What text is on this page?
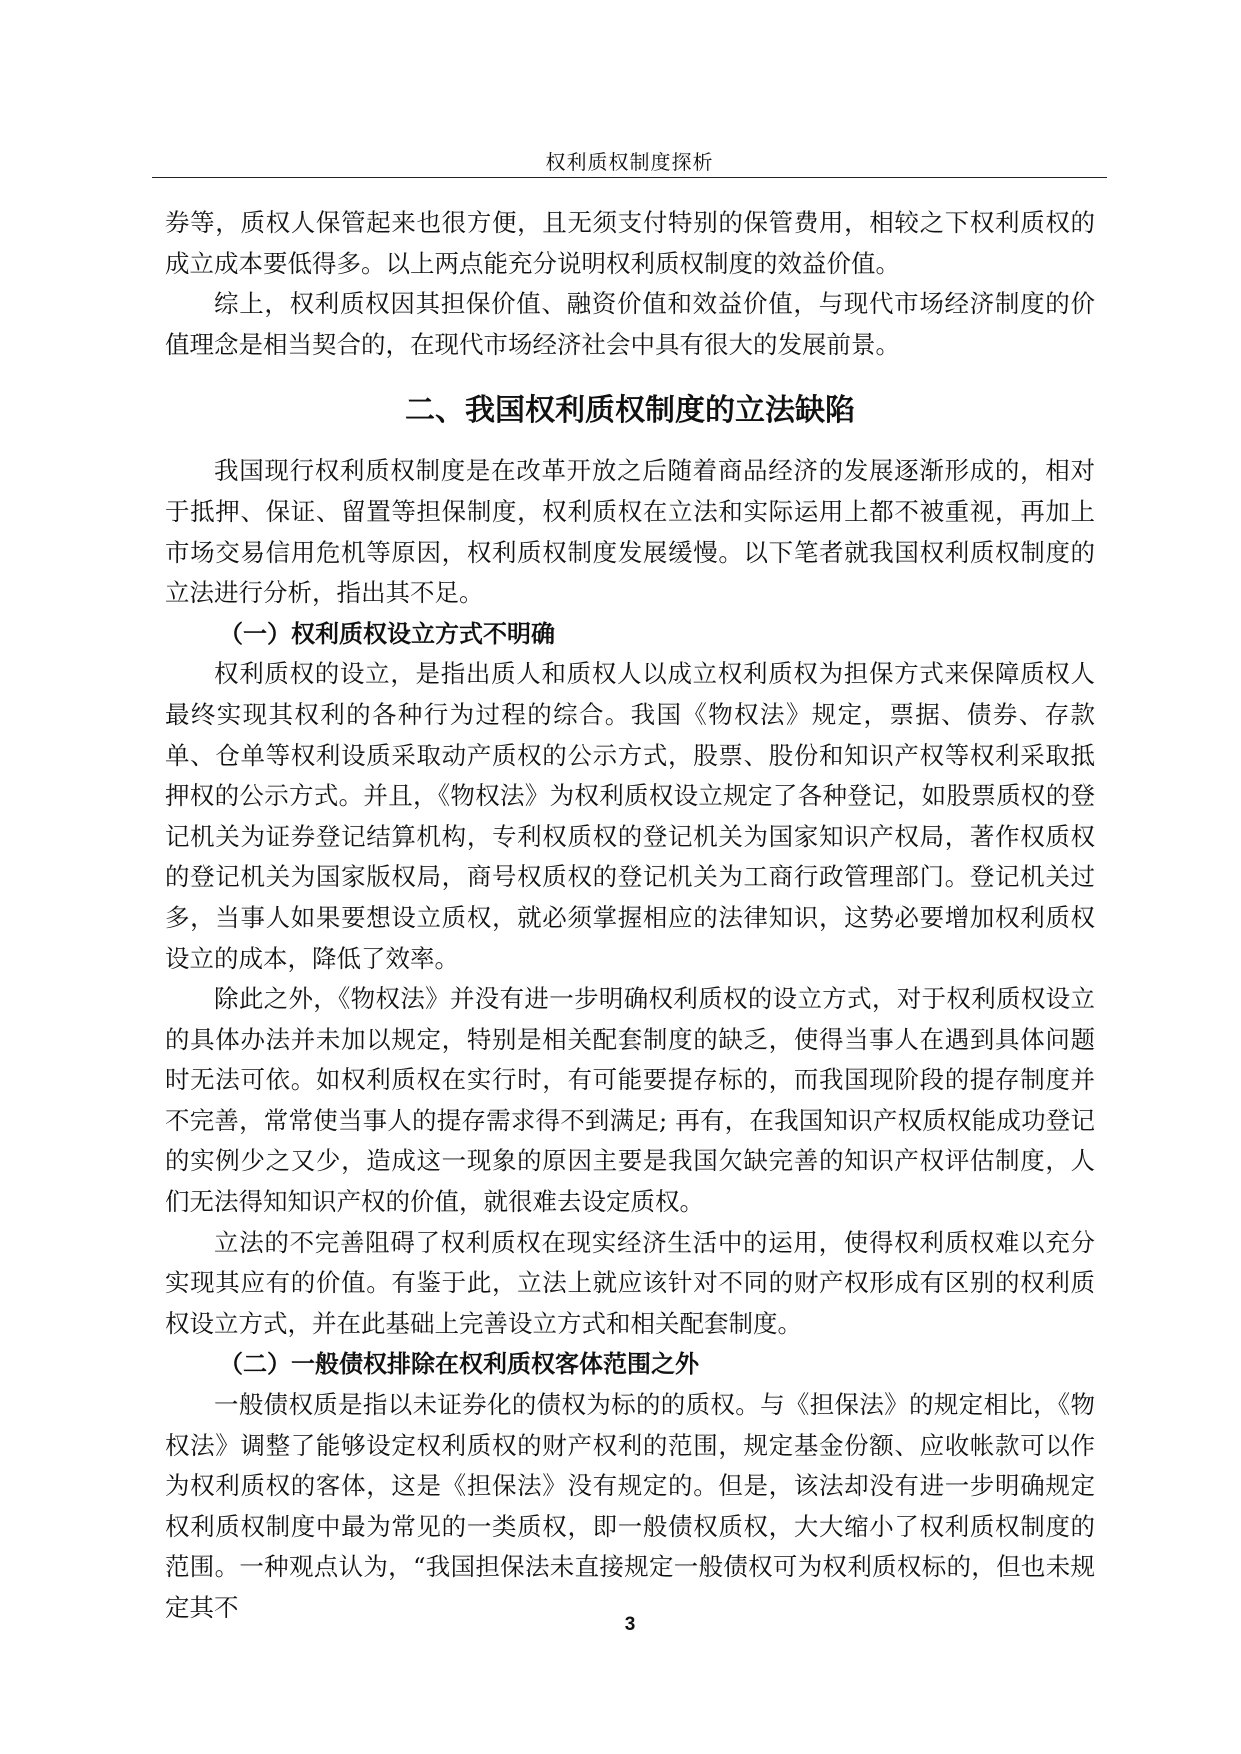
权利质权制度探析

券等，质权人保管起来也很方便，且无须支付特别的保管费用，相较之下权利质权的成立成本要低得多。以上两点能充分说明权利质权制度的效益价值。

综上，权利质权因其担保价值、融资价值和效益价值，与现代市场经济制度的价值理念是相当契合的，在现代市场经济社会中具有很大的发展前景。

二、我国权利质权制度的立法缺陷

我国现行权利质权制度是在改革开放之后随着商品经济的发展逐渐形成的，相对于抵押、保证、留置等担保制度，权利质权在立法和实际运用上都不被重视，再加上市场交易信用危机等原因，权利质权制度发展缓慢。以下笔者就我国权利质权制度的立法进行分析，指出其不足。

（一）权利质权设立方式不明确

权利质权的设立，是指出质人和质权人以成立权利质权为担保方式来保障质权人最终实现其权利的各种行为过程的综合。我国《物权法》规定，票据、债券、存款单、仓单等权利设质采取动产质权的公示方式，股票、股份和知识产权等权利采取抵押权的公示方式。并且，《物权法》为权利质权设立规定了各种登记，如股票质权的登记机关为证券登记结算机构，专利权质权的登记机关为国家知识产权局，著作权质权的登记机关为国家版权局，商号权质权的登记机关为工商行政管理部门。登记机关过多，当事人如果要想设立质权，就必须掌握相应的法律知识，这势必要增加权利质权设立的成本，降低了效率。

除此之外，《物权法》并没有进一步明确权利质权的设立方式，对于权利质权设立的具体办法并未加以规定，特别是相关配套制度的缺乏，使得当事人在遇到具体问题时无法可依。如权利质权在实行时，有可能要提存标的，而我国现阶段的提存制度并不完善，常常使当事人的提存需求得不到满足; 再有，在我国知识产权质权能成功登记的实例少之又少，造成这一现象的原因主要是我国欠缺完善的知识产权评估制度，人们无法得知知识产权的价值，就很难去设定质权。

立法的不完善阻碍了权利质权在现实经济生活中的运用，使得权利质权难以充分实现其应有的价值。有鉴于此，立法上就应该针对不同的财产权形成有区别的权利质权设立方式，并在此基础上完善设立方式和相关配套制度。

（二）一般债权排除在权利质权客体范围之外

一般债权质是指以未证券化的债权为标的的质权。与《担保法》的规定相比，《物权法》调整了能够设定权利质权的财产权利的范围，规定基金份额、应收帐款可以作为权利质权的客体，这是《担保法》没有规定的。但是，该法却没有进一步明确规定权利质权制度中最为常见的一类质权，即一般债权质权，大大缩小了权利质权制度的范围。一种观点认为，“我国担保法未直接规定一般债权可为权利质权标的，但也未规定其不

3
